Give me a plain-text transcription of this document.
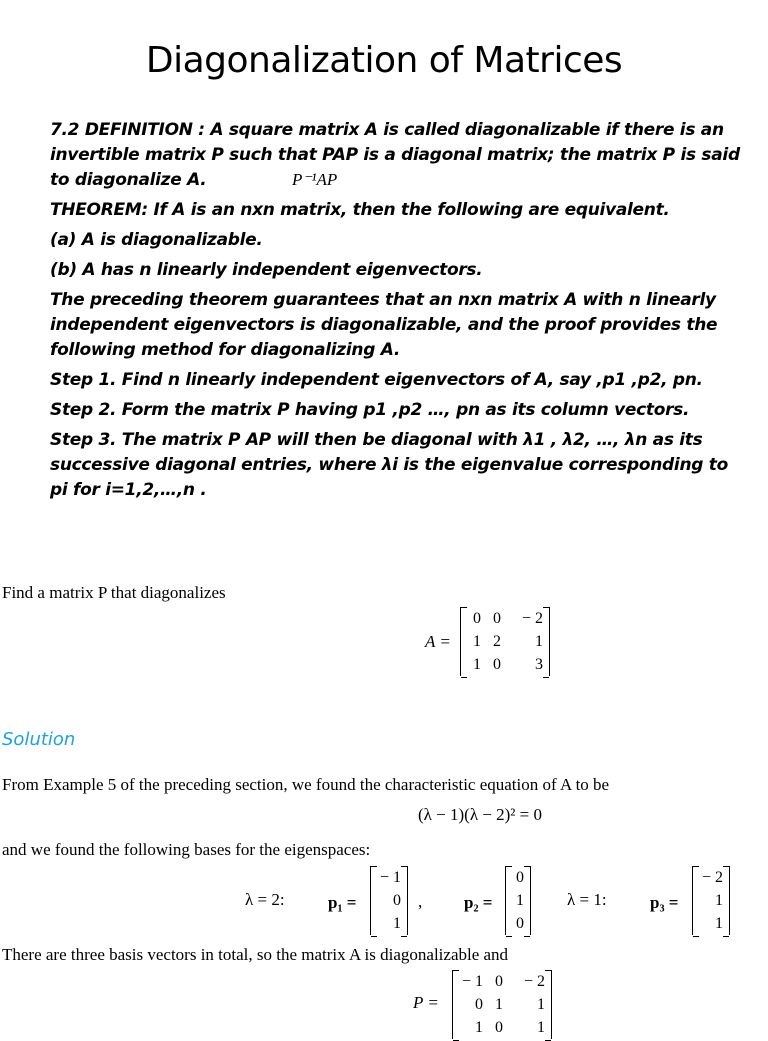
Diagonalization of Matrices

7.2 DEFINITION : A square matrix A is called diagonalizable if there is an invertible matrix P such that PAP is a diagonal matrix; the matrix P is said to diagonalize A.

THEOREM: If A is an nxn matrix, then the following are equivalent.

(a) A is diagonalizable.

(b) A has n linearly independent eigenvectors.

The preceding theorem guarantees that an nxn matrix A with n linearly independent eigenvectors is diagonalizable, and the proof provides the following method for diagonalizing A.

Step 1. Find n linearly independent eigenvectors of A, say ,p1 ,p2, pn.

Step 2. Form the matrix P having p1 ,p2 …, pn as its column vectors.

Step 3. The matrix P AP will then be diagonal with λ1 , λ2, …, λn as its successive diagonal entries, where λi is the eigenvalue corresponding to pi for i=1,2,…,n .

P⁻¹AP
Find a matrix P that diagonalizes
A =
0 0	− 2
1 2	1
1 0	3
Solution
From Example 5 of the preceding section, we found the characteristic equation of A to be
(λ − 1)(λ − 2)² = 0
and we found the following bases for the eigenspaces:
λ = 2:	p₁ =
− 1
0
1
, p₂ =
0
1
0
λ = 1:	p₃ =
− 2
1
1
There are three basis vectors in total, so the matrix A is diagonalizable and
P =
− 1 0	− 2
0 1	1
1 0	1
